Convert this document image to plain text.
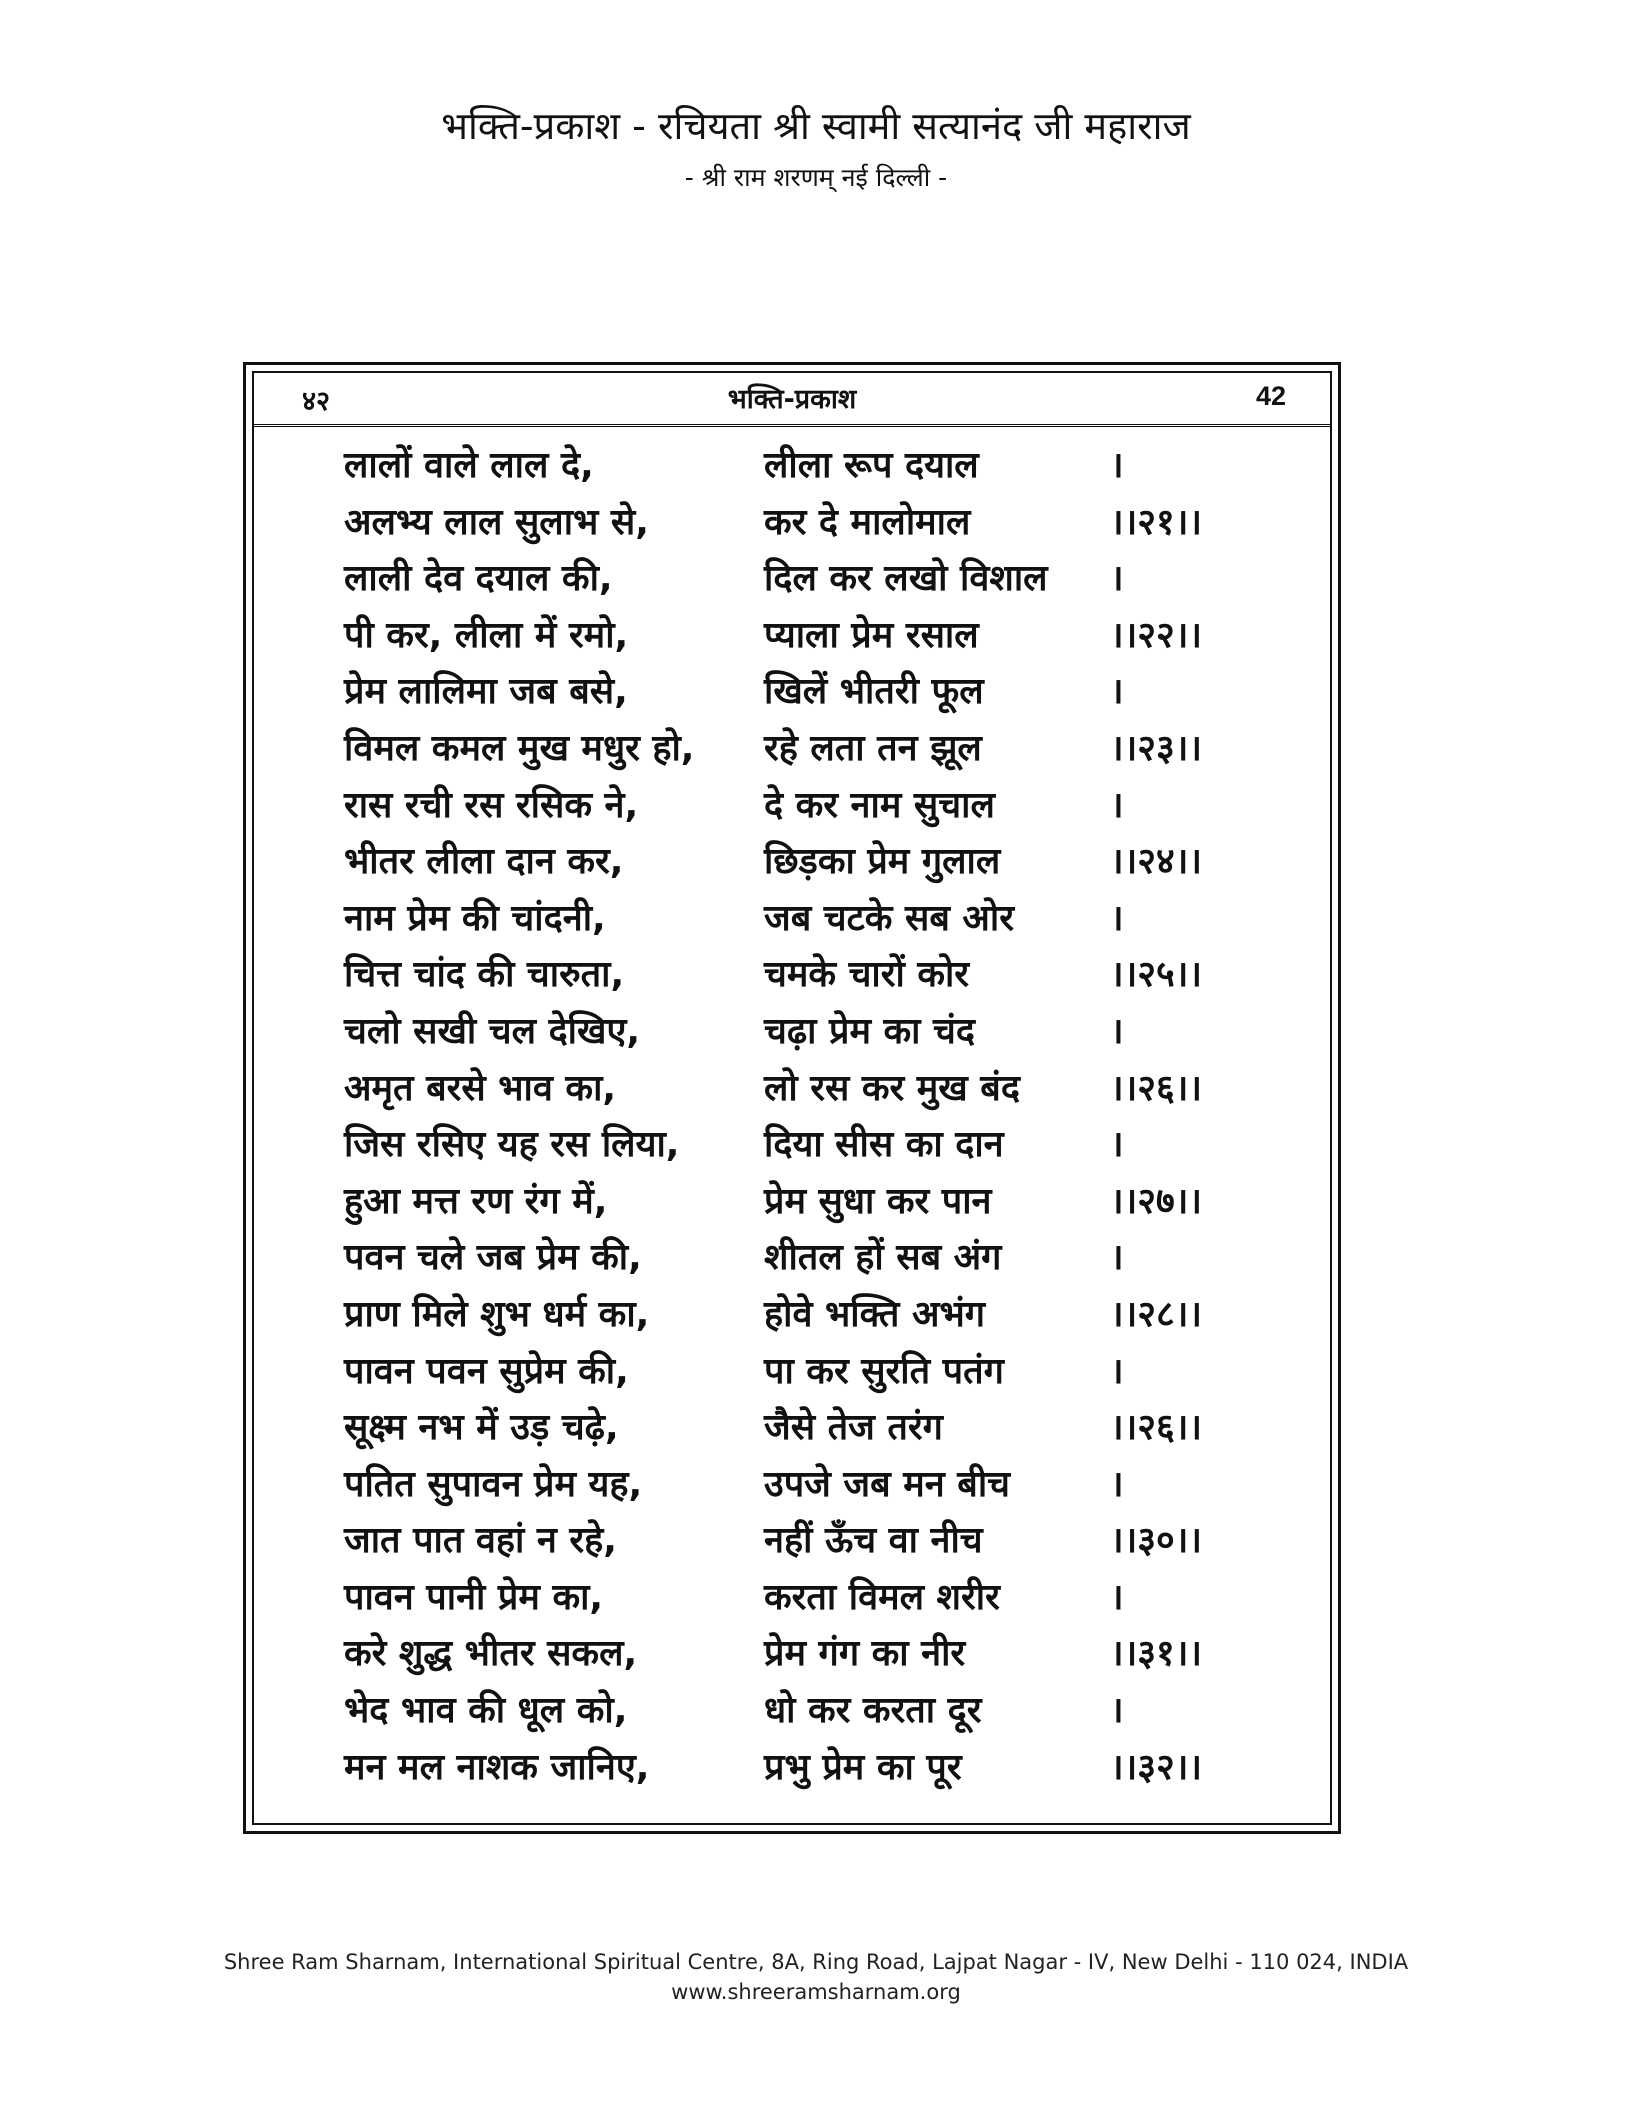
भक्ति-प्रकाश - रचियता श्री स्वामी सत्यानंद जी महाराज
- श्री राम शरणम् नई दिल्ली -
४२	भक्ति-प्रकाश	42
लालों वाले लाल दे,	लीला रूप दयाल	।
अलभ्य लाल सुलाभ से,	कर दे मालोमाल	।।२१।।
लाली देव दयाल की,	दिल कर लखो विशाल	।
पी कर, लीला में रमो,	प्याला प्रेम रसाल	।।२२।।
प्रेम लालिमा जब बसे,	खिलें भीतरी फूल	।
विमल कमल मुख मधुर हो,	रहे लता तन झूल	।।२३।।
रास रची रस रसिक ने,	दे कर नाम सुचाल	।
भीतर लीला दान कर,	छिड़का प्रेम गुलाल	।।२४।।
नाम प्रेम की चांदनी,	जब चटके सब ओर	।
चित्त चांद की चारुता,	चमके चारों कोर	।।२५।।
चलो सखी चल देखिए,	चढ़ा प्रेम का चंद	।
अमृत बरसे भाव का,	लो रस कर मुख बंद	।।२६।।
जिस रसिए यह रस लिया,	दिया सीस का दान	।
हुआ मत्त रण रंग में,	प्रेम सुधा कर पान	।।२७।।
पवन चले जब प्रेम की,	शीतल हों सब अंग	।
प्राण मिले शुभ धर्म का,	होवे भक्ति अभंग	।।२८।।
पावन पवन सुप्रेम की,	पा कर सुरति पतंग	।
सूक्ष्म नभ में उड़ चढ़े,	जैसे तेज तरंग	।।२६।।
पतित सुपावन प्रेम यह,	उपजे जब मन बीच	।
जात पात वहां न रहे,	नहीं ऊँच वा नीच	।।३०।।
पावन पानी प्रेम का,	करता विमल शरीर	।
करे शुद्ध भीतर सकल,	प्रेम गंग का नीर	।।३१।।
भेद भाव की धूल को,	धो कर करता दूर	।
मन मल नाशक जानिए,	प्रभु प्रेम का पूर	।।३२।।
Shree Ram Sharnam, International Spiritual Centre, 8A, Ring Road, Lajpat Nagar - IV, New Delhi - 110 024, INDIA
www.shreeramsharnam.org
